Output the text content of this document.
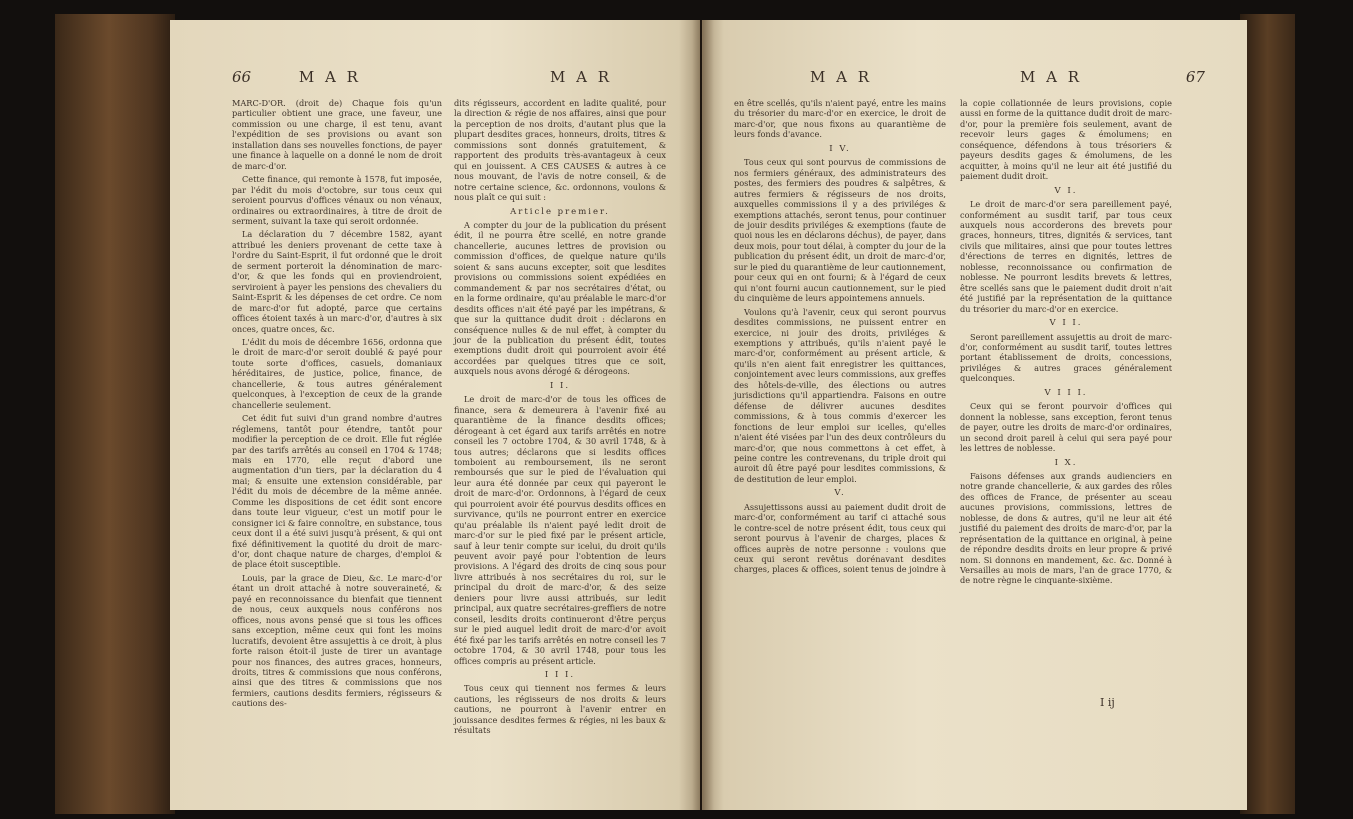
66	M A R	M A R

MARC-D'OR. (droit de) Chaque fois qu'un particulier obtient une grace, une faveur, une commission ou une charge, il est tenu, avant l'expédition de ses provisions ou avant son installation dans ses nouvelles fonctions, de payer une finance à laquelle on a donné le nom de droit de marc-d'or.

Cette finance, qui remonte à 1578, fut imposée, par l'édit du mois d'octobre, sur tous ceux qui seroient pourvus d'offices vénaux ou non vénaux, ordinaires ou extraordinaires, à titre de droit de serment, suivant la taxe qui seroit ordonnée.

La déclaration du 7 décembre 1582, ayant attribué les deniers provenant de cette taxe à l'ordre du Saint-Esprit, il fut ordonné que le droit de serment porteroit la dénomination de marc-d'or, & que les fonds qui en proviendroient, serviroient à payer les pensions des chevaliers du Saint-Esprit & les dépenses de cet ordre. Ce nom de marc-d'or fut adopté, parce que certains offices étoient taxés à un marc-d'or, d'autres à six onces, quatre onces, &c.

L'édit du mois de décembre 1656, ordonna que le droit de marc-d'or seroit doublé & payé pour toute sorte d'offices, casuels, domaniaux héréditaires, de justice, police, finance, de chancellerie, & tous autres généralement quelconques, à l'exception de ceux de la grande chancellerie seulement.

Cet édit fut suivi d'un grand nombre d'autres réglemens, tantôt pour étendre, tantôt pour modifier la perception de ce droit. Elle fut réglée par des tarifs arrêtés au conseil en 1704 & 1748; mais en 1770, elle reçut d'abord une augmentation d'un tiers, par la déclaration du 4 mai; & ensuite une extension considérable, par l'édit du mois de décembre de la même année. Comme les dispositions de cet édit sont encore dans toute leur vigueur, c'est un motif pour le consigner ici & faire connoître, en substance, tous ceux dont il a été suivi jusqu'à présent, & qui ont fixé définitivement la quotité du droit de marc-d'or, dont chaque nature de charges, d'emploi & de place étoit susceptible.

Louis, par la grace de Dieu, &c. Le marc-d'or étant un droit attaché à notre souveraineté, & payé en reconnoissance du bienfait que tiennent de nous, ceux auxquels nous conférons nos offices, nous avons pensé que si tous les offices sans exception, même ceux qui font les moins lucratifs, devoient être assujettis à ce droit, à plus forte raison étoit-il juste de tirer un avantage pour nos finances, des autres graces, honneurs, droits, titres & commissions que nous conférons, ainsi que des titres & commissions que nos fermiers, cautions desdits fermiers, régisseurs & cautions des-

dits régisseurs, accordent en ladite qualité, pour la direction & régie de nos affaires, ainsi que pour la perception de nos droits, d'autant plus que la plupart desdites graces, honneurs, droits, titres & commissions sont donnés gratuitement, & rapportent des produits très-avantageux à ceux qui en jouissent. A CES CAUSES & autres à ce nous mouvant, de l'avis de notre conseil, & de notre certaine science, &c. ordonnons, voulons & nous plaît ce qui suit :

Article premier.

A compter du jour de la publication du présent édit, il ne pourra être scellé, en notre grande chancellerie, aucunes lettres de provision ou commission d'offices, de quelque nature qu'ils soient & sans aucuns excepter, soit que lesdites provisions ou commissions soient expédiées en commandement & par nos secrétaires d'état, ou en la forme ordinaire, qu'au préalable le marc-d'or desdits offices n'ait été payé par les impétrans, & que sur la quittance dudit droit : déclarons en conséquence nulles & de nul effet, à compter du jour de la publication du présent édit, toutes exemptions dudit droit qui pourroient avoir été accordées par quelques titres que ce soit, auxquels nous avons dérogé & dérogeons.

I I.

Le droit de marc-d'or de tous les offices de finance, sera & demeurera à l'avenir fixé au quarantième de la finance desdits offices; dérogeant à cet égard aux tarifs arrêtés en notre conseil les 7 octobre 1704, & 30 avril 1748, & à tous autres; déclarons que si lesdits offices tomboient au remboursement, ils ne seront remboursés que sur le pied de l'évaluation qui leur aura été donnée par ceux qui payeront le droit de marc-d'or. Ordonnons, à l'égard de ceux qui pourroient avoir été pourvus desdits offices en survivance, qu'ils ne pourront entrer en exercice qu'au préalable ils n'aient payé ledit droit de marc-d'or sur le pied fixé par le présent article, sauf à leur tenir compte sur icelui, du droit qu'ils peuvent avoir payé pour l'obtention de leurs provisions. A l'égard des droits de cinq sous pour livre attribués à nos secrétaires du roi, sur le principal du droit de marc-d'or, & des seize deniers pour livre aussi attribués, sur ledit principal, aux quatre secrétaires-greffiers de notre conseil, lesdits droits continueront d'être perçus sur le pied auquel ledit droit de marc-d'or avoit été fixé par les tarifs arrêtés en notre conseil les 7 octobre 1704, & 30 avril 1748, pour tous les offices compris au présent article.

I I I.

Tous ceux qui tiennent nos fermes & leurs cautions, les régisseurs de nos droits & leurs cautions, ne pourront à l'avenir entrer en jouissance desdites fermes & régies, ni les baux & résultats

M A R	M A R	67

en être scellés, qu'ils n'aient payé, entre les mains du trésorier du marc-d'or en exercice, le droit de marc-d'or, que nous fixons au quarantième de leurs fonds d'avance.

I V.

Tous ceux qui sont pourvus de commissions de nos fermiers généraux, des administrateurs des postes, des fermiers des poudres & salpêtres, & autres fermiers & régisseurs de nos droits, auxquelles commissions il y a des priviléges & exemptions attachés, seront tenus, pour continuer de jouir desdits priviléges & exemptions (faute de quoi nous les en déclarons déchus), de payer, dans deux mois, pour tout délai, à compter du jour de la publication du présent édit, un droit de marc-d'or, sur le pied du quarantième de leur cautionnement, pour ceux qui en ont fourni; & à l'égard de ceux qui n'ont fourni aucun cautionnement, sur le pied du cinquième de leurs appointemens annuels.

Voulons qu'à l'avenir, ceux qui seront pourvus desdites commissions, ne puissent entrer en exercice, ni jouir des droits, priviléges & exemptions y attribués, qu'ils n'aient payé le marc-d'or, conformément au présent article, & qu'ils n'en aient fait enregistrer les quittances, conjointement avec leurs commissions, aux greffes des hôtels-de-ville, des élections ou autres jurisdictions qu'il appartiendra. Faisons en outre défense de délivrer aucunes desdites commissions, & à tous commis d'exercer les fonctions de leur emploi sur icelles, qu'elles n'aient été visées par l'un des deux contrôleurs du marc-d'or, que nous commettons à cet effet, à peine contre les contrevenans, du triple droit qui auroit dû être payé pour lesdites commissions, & de destitution de leur emploi.

V.

Assujettissons aussi au paiement dudit droit de marc-d'or, conformément au tarif ci attaché sous le contre-scel de notre présent édit, tous ceux qui seront pourvus à l'avenir de charges, places & offices auprès de notre personne : voulons que ceux qui seront revêtus dorénavant desdites charges, places & offices, soient tenus de joindre à

la copie collationnée de leurs provisions, copie aussi en forme de la quittance dudit droit de marc-d'or, pour la première fois seulement, avant de recevoir leurs gages & émolumens; en conséquence, défendons à tous trésoriers & payeurs desdits gages & émolumens, de les acquitter, à moins qu'il ne leur ait été justifié du paiement dudit droit.

V I.

Le droit de marc-d'or sera pareillement payé, conformément au susdit tarif, par tous ceux auxquels nous accorderons des brevets pour graces, honneurs, titres, dignités & services, tant civils que militaires, ainsi que pour toutes lettres d'érections de terres en dignités, lettres de noblesse, reconnoissance ou confirmation de noblesse. Ne pourront lesdits brevets & lettres, être scellés sans que le paiement dudit droit n'ait été justifié par la représentation de la quittance du trésorier du marc-d'or en exercice.

V I I.

Seront pareillement assujettis au droit de marc-d'or, conformément au susdit tarif, toutes lettres portant établissement de droits, concessions, priviléges & autres graces généralement quelconques.

V I I I.

Ceux qui se feront pourvoir d'offices qui donnent la noblesse, sans exception, feront tenus de payer, outre les droits de marc-d'or ordinaires, un second droit pareil à celui qui sera payé pour les lettres de noblesse.

I X.

Faisons défenses aux grands audienciers en notre grande chancellerie, & aux gardes des rôles des offices de France, de présenter au sceau aucunes provisions, commissions, lettres de noblesse, de dons & autres, qu'il ne leur ait été justifié du paiement des droits de marc-d'or, par la représentation de la quittance en original, à peine de répondre desdits droits en leur propre & privé nom. Si donnons en mandement, &c. &c. Donné à Versailles au mois de mars, l'an de grace 1770, & de notre règne le cinquante-sixième.

I ij
